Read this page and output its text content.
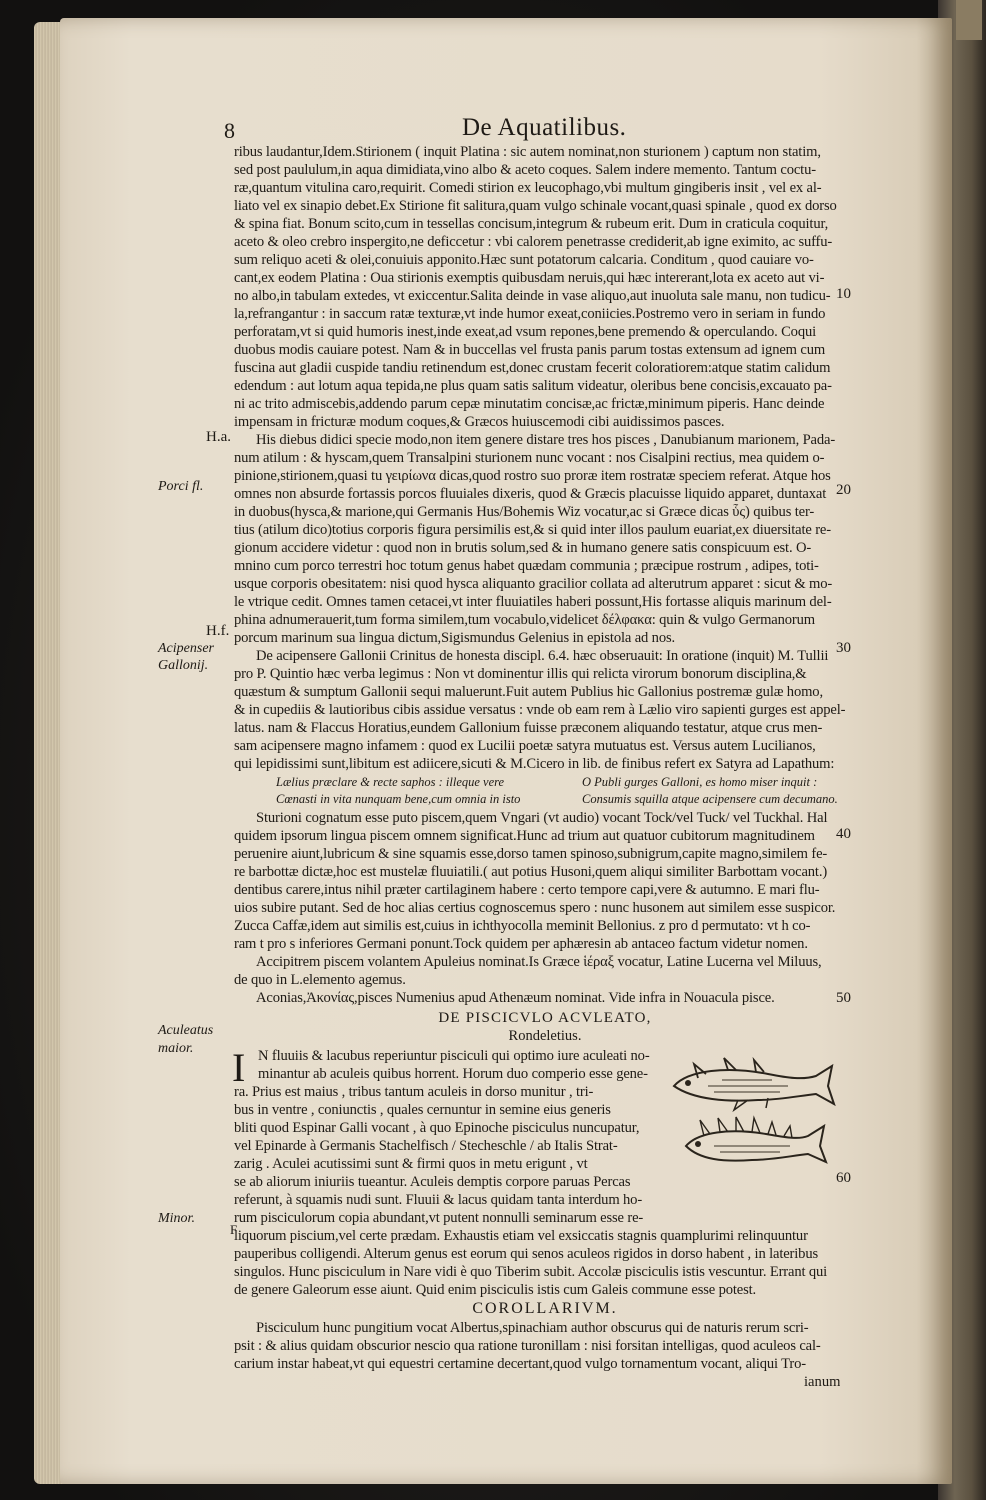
8	De Aquatilibus.
ribus laudantur,Idem.Stirionem ( inquit Platina : sic autem nominat,non sturionem ) captum non statim,
sed post paululum,in aqua dimidiata,vino albo & aceto coques. Salem indere memento. Tantum coctu-
ræ,quantum vitulina caro,requirit. Comedi stirion ex leucophago,vbi multum gingiberis insit , vel ex al-
liato vel ex sinapio debet.Ex Stirione fit salitura,quam vulgo schinale vocant,quasi spinale , quod ex dorso
& spina fiat. Bonum scito,cum in tessellas concisum,integrum & rubeum erit. Dum in craticula coquitur,
aceto & oleo crebro inspergito,ne deficcetur : vbi calorem penetrasse crediderit,ab igne eximito, ac suffu-
sum reliquo aceti & olei,conuiuis apponito.Hæc sunt potatorum calcaria. Conditum , quod cauiare vo-
cant,ex eodem Platina : Oua stirionis exemptis quibusdam neruis,qui hæc intererant,lota ex aceto aut vi-
no albo,in tabulam extedes, vt exiccentur.Salita deinde in vase aliquo,aut inuoluta sale manu, non tudicu-
la,refrangantur : in saccum ratæ texturæ,vt inde humor exeat,coniicies.Postremo vero in seriam in fundo
perforatam,vt si quid humoris inest,inde exeat,ad vsum repones,bene premendo & operculando. Coqui
duobus modis cauiare potest. Nam & in buccellas vel frusta panis parum tostas extensum ad ignem cum
fuscina aut gladii cuspide tandiu retinendum est,donec crustam fecerit coloratiorem:atque statim calidum
edendum : aut lotum aqua tepida,ne plus quam satis salitum videatur, oleribus bene concisis,excauato pa-
ni ac trito admiscebis,addendo parum cepæ minutatim concisæ,ac frictæ,minimum piperis. Hanc deinde
impensam in fricturæ modum coques,& Græcos huiuscemodi cibi auidissimos pasces.
H.a. His diebus didici specie modo,non item genere distare tres hos pisces , Danubianum marionem, Pada-
num atilum : & hyscam,quem Transalpini sturionem nunc vocant : nos Cisalpini rectius, mea quidem o-
pinione,stirionem,quasi tu γειρίωνα dicas,quod rostro suo proræ item rostratæ speciem referat. Atque hos
omnes non absurde fortassis porcos fluuiales dixeris, quod & Græcis placuisse liquido apparet, duntaxat
in duobus(hysca,& marione,qui Germanis Hus/Bohemis Wiz vocatur,ac si Græce dicas ὗς) quibus ter-
tius (atilum dico)totius corporis figura persimilis est,& si quid inter illos paulum euariat,ex diuersitate re-
gionum accidere videtur : quod non in brutis solum,sed & in humano genere satis conspicuum est. O-
mnino cum porco terrestri hoc totum genus habet quædam communia ; præcipue rostrum , adipes, toti-
usque corporis obesitatem: nisi quod hysca aliquanto gracilior collata ad alterutrum apparet : sicut & mo-
le vtrique cedit. Omnes tamen cetacei,vt inter fluuiatiles haberi possunt,His fortasse aliquis marinum del-
phina adnumerauerit,tum forma similem,tum vocabulo,videlicet δέλφακα: quin & vulgo Germanorum
porcum marinum sua lingua dictum,Sigismundus Gelenius in epistola ad nos.
H.f.
De acipensere Gallonii Crinitus de honesta discipl. 6.4. hæc obseruauit: In oratione (inquit) M. Tullii
pro P. Quintio hæc verba legimus : Non vt dominentur illis qui relicta virorum bonorum disciplina,&
quæstum & sumptum Gallonii sequi maluerunt.Fuit autem Publius hic Gallonius postremæ gulæ homo,
& in cupediis & lautioribus cibis assidue versatus : vnde ob eam rem à Lælio viro sapienti gurges est appel-
latus. nam & Flaccus Horatius,eundem Gallonium fuisse præconem aliquando testatur, atque crus men-
sam acipensere magno infamem : quod ex Lucilii poetæ satyra mutuatus est. Versus autem Lucilianos,
qui lepidissimi sunt,libitum est adiicere,sicuti & M.Cicero in lib. de finibus refert ex Satyra ad Lapathum:
Lælius præclare & recte saphos : illeque vere	O Publi gurges Galloni, es homo miser inquit :
Cœnasti in vita nunquam bene,cum omnia in isto	Consumis squilla atque acipensere cum decumano.
Sturioni cognatum esse puto piscem,quem Vngari (vt audio) vocant Tock/vel Tuck/ vel Tuckhal. Hal
quidem ipsorum lingua piscem omnem significat.Hunc ad trium aut quatuor cubitorum magnitudinem
peruenire aiunt,lubricum & sine squamis esse,dorso tamen spinoso,subnigrum,capite magno,similem fe-
re barbottæ dictæ,hoc est mustelæ fluuiatili.( aut potius Husoni,quem aliqui similiter Barbottam vocant.)
dentibus carere,intus nihil præter cartilaginem habere : certo tempore capi,vere & autumno. E mari flu-
uios subire putant. Sed de hoc alias certius cognoscemus spero : nunc husonem aut similem esse suspicor.
Zucca Caffæ,idem aut similis est,cuius in ichthyocolla meminit Bellonius. z pro d permutato: vt h co-
ram t pro s inferiores Germani ponunt.Tock quidem per aphæresin ab antaceo factum videtur nomen.
Accipitrem piscem volantem Apuleius nominat.Is Græce ἱέραξ vocatur, Latine Lucerna vel Miluus,
de quo in L.elemento agemus.
Aconias,Ἀκονίας,pisces Numenius apud Athenæum nominat. Vide infra in Nouacula pisce.
DE PISCICVLO ACVLEATO,
Rondeletius.
I N fluuiis & lacubus reperiuntur pisciculi qui optimo iure aculeati no-
minantur ab aculeis quibus horrent. Horum duo comperio esse gene-
ra. Prius est maius , tribus tantum aculeis in dorso munitur , tri-
bus in ventre , coniunctis , quales cernuntur in semine eius generis
bliti quod Espinar Galli vocant , à quo Epinoche pisciculus nuncupatur,
vel Epinarde à Germanis Stachelfisch / Stecheschle / ab Italis Strat-
zarig . Aculei acutissimi sunt & firmi quos in metu erigunt , vt
se ab aliorum iniuriis tueantur. Aculeis demptis corpore paruas Percas
referunt, à squamis nudi sunt. Fluuii & lacus quidam tanta interdum ho-
rum pisciculorum copia abundant,vt putent nonnulli seminarum esse re-
liquorum piscium,vel certe prædam. Exhaustis etiam vel exsiccatis stagnis quamplurimi relinquuntur
pauperibus colligendi. Alterum genus est eorum qui senos aculeos rigidos in dorso habent , in lateribus
singulos. Hunc pisciculum in Nare vidi è quo Tiberim subit. Accolæ pisciculis istis vescuntur. Errant qui
de genere Galeorum esse aiunt. Quid enim pisciculis istis cum Galeis commune esse potest.
COROLLARIVM.
Pisciculum hunc pungitium vocat Albertus,spinachiam author obscurus qui de naturis rerum scri-
psit : & alius quidam obscurior nescio qua ratione turonillam : nisi forsitan intelligas, quod aculeos cal-
carium instar habeat,vt qui equestri certamine decertant,quod vulgo tornamentum vocant, aliqui Tro-
ianum
Porci fl.
Acipenser
Gallonij.
Aculeatus
maior.
Minor.
F
10
20
30
40
50
60
